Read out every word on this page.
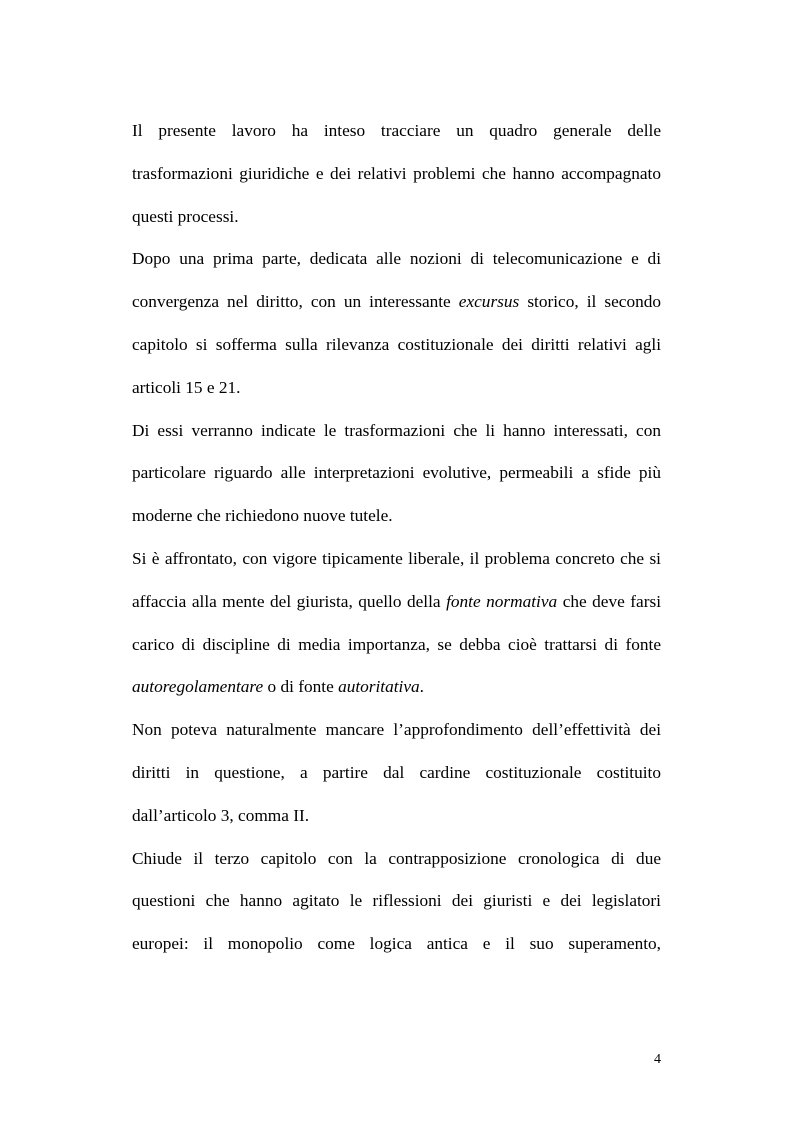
Il presente lavoro ha inteso tracciare un quadro generale delle trasformazioni giuridiche e dei relativi problemi che hanno accompagnato questi processi.

Dopo una prima parte, dedicata alle nozioni di telecomunicazione e di convergenza nel diritto, con un interessante excursus storico, il secondo capitolo si sofferma sulla rilevanza costituzionale dei diritti relativi agli articoli 15 e 21.

Di essi verranno indicate le trasformazioni che li hanno interessati, con particolare riguardo alle interpretazioni evolutive, permeabili a sfide più moderne che richiedono nuove tutele.

Si è affrontato, con vigore tipicamente liberale, il problema concreto che si affaccia alla mente del giurista, quello della fonte normativa che deve farsi carico di discipline di media importanza, se debba cioè trattarsi di fonte autoregolamentare o di fonte autoritativa.

Non poteva naturalmente mancare l’approfondimento dell’effettività dei diritti in questione, a partire dal cardine costituzionale costituito dall’articolo 3, comma II.

Chiude il terzo capitolo con la contrapposizione cronologica di due questioni che hanno agitato le riflessioni dei giuristi e dei legislatori europei: il monopolio come logica antica e il suo superamento,

4
